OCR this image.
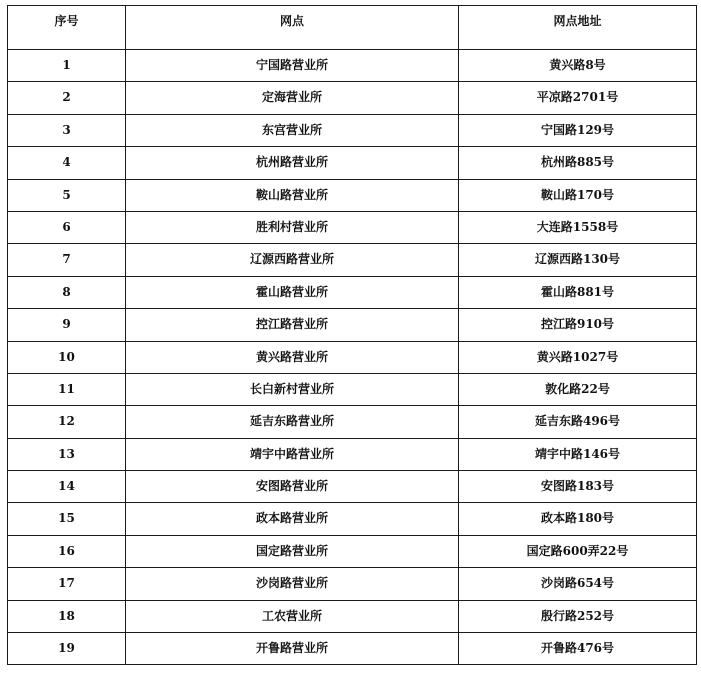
序号	网点	网点地址
1	宁国路营业所	黄兴路8号
2	定海营业所	平凉路2701号
3	东宫营业所	宁国路129号
4	杭州路营业所	杭州路885号
5	鞍山路营业所	鞍山路170号
6	胜利村营业所	大连路1558号
7	辽源西路营业所	辽源西路130号
8	霍山路营业所	霍山路881号
9	控江路营业所	控江路910号
10	黄兴路营业所	黄兴路1027号
11	长白新村营业所	敦化路22号
12	延吉东路营业所	延吉东路496号
13	靖宇中路营业所	靖宇中路146号
14	安图路营业所	安图路183号
15	政本路营业所	政本路180号
16	国定路营业所	国定路600弄22号
17	沙岗路营业所	沙岗路654号
18	工农营业所	殷行路252号
19	开鲁路营业所	开鲁路476号
